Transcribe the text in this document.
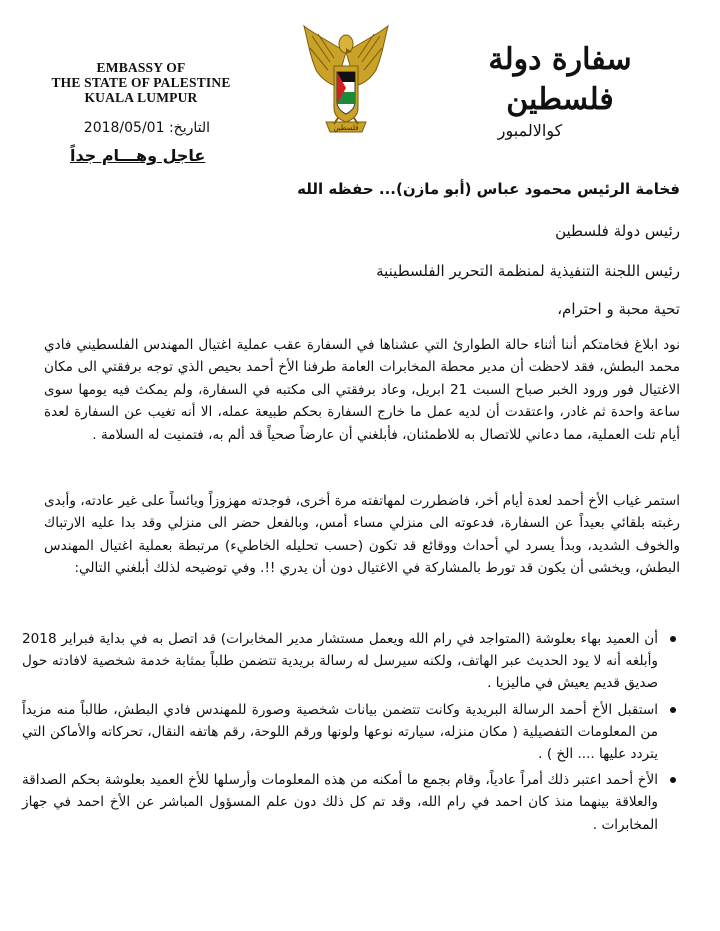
EMBASSY OF
THE STATE OF PALESTINE
KUALA LUMPUR
فلسطين
سفارة دولة فلسطين
كوالالمبور
التاريخ: 2018/05/01
عاجل وهـــام جداً
فخامة الرئيس محمود عباس (أبو مازن)... حفظه الله
رئيس دولة فلسطين
رئيس اللجنة التنفيذية لمنظمة التحرير الفلسطينية
تحية محبة و احترام،
نود ابلاغ فخامتكم أننا أثناء حالة الطوارئ التي عشناها في السفارة عقب عملية اغتيال المهندس الفلسطيني فادي محمد البطش، فقد لاحظت أن مدير محطة المخابرات العامة طرفنا الأخ أحمد بحيص الذي توجه برفقتي الى مكان الاغتيال فور ورود الخبر صباح السبت 21 ابريل، وعاد برفقتي الى مكتبه في السفارة، ولم يمكث فيه يومها سوى ساعة واحدة ثم غادر، واعتقدت أن لديه عمل ما خارج السفارة بحكم طبيعة عمله، الا أنه تغيب عن السفارة لعدة أيام تلت العملية، مما دعاني للاتصال به للاطمئنان، فأبلغني أن عارضاً صحياً قد ألم به، فتمنيت له السلامة .
استمر غياب الأخ أحمد لعدة أيام أخر، فاضطررت لمهاتفته مرة أخرى، فوجدته مهزوزاً ويائساً على غير عادته، وأبدى رغبته بلقائي بعيداً عن السفارة، فدعوته الى منزلي مساء أمس، وبالفعل حضر الى منزلي وقد بدا عليه الارتباك والخوف الشديد، وبدأ يسرد لي أحداث ووقائع قد تكون (حسب تحليله الخاطيء) مرتبطة بعملية اغتيال المهندس البطش، ويخشى أن يكون قد تورط بالمشاركة في الاغتيال دون أن يدري !!. وفي توضيحه لذلك أبلغني التالي:
أن العميد بهاء بعلوشة (المتواجد في رام الله ويعمل مستشار مدير المخابرات) قد اتصل به في بداية فبراير 2018 وأبلغه أنه لا يود الحديث عبر الهاتف، ولكنه سيرسل له رسالة بريدية تتضمن طلباً بمثابة خدمة شخصية لافادته حول صديق قديم يعيش في ماليزيا .
استقبل الأخ أحمد الرسالة البريدية وكانت تتضمن بيانات شخصية وصورة للمهندس فادي البطش، طالباً منه مزيداً من المعلومات التفصيلية ( مكان منزله، سيارته نوعها ولونها ورقم اللوحة، رقم هاتفه النقال، تحركاته والأماكن التي يتردد عليها .... الخ ) .
الأخ أحمد اعتبر ذلك أمراً عادياً، وقام بجمع ما أمكنه من هذه المعلومات وأرسلها للأخ العميد بعلوشة بحكم الصداقة والعلاقة بينهما منذ كان احمد في رام الله، وقد تم كل ذلك دون علم المسؤول المباشر عن الأخ احمد في جهاز المخابرات .
